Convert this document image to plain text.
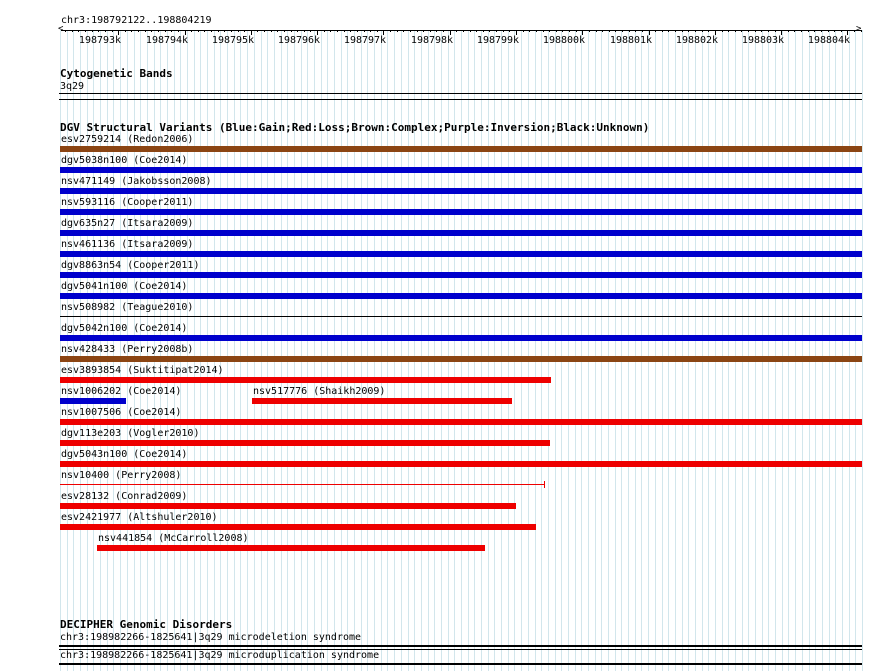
chr3:198792122..198804219
<	>
198793k 198794k 198795k 198796k 198797k 198798k 198799k 198800k 198801k 198802k 198803k 198804k
Cytogenetic Bands
3q29
DGV Structural Variants (Blue:Gain;Red:Loss;Brown:Complex;Purple:Inversion;Black:Unknown)
esv2759214 (Redon2006)
dgv5038n100 (Coe2014)
nsv471149 (Jakobsson2008)
nsv593116 (Cooper2011)
dgv635n27 (Itsara2009)
nsv461136 (Itsara2009)
dgv8863n54 (Cooper2011)
dgv5041n100 (Coe2014)
nsv508982 (Teague2010)
dgv5042n100 (Coe2014)
nsv428433 (Perry2008b)
esv3893854 (Suktitipat2014)
nsv1006202 (Coe2014)	nsv517776 (Shaikh2009)
nsv1007506 (Coe2014)
dgv113e203 (Vogler2010)
dgv5043n100 (Coe2014)
nsv10400 (Perry2008)
esv28132 (Conrad2009)
esv2421977 (Altshuler2010)
nsv441854 (McCarroll2008)
DECIPHER Genomic Disorders
chr3:198982266-1825641|3q29 microdeletion syndrome
chr3:198982266-1825641|3q29 microduplication syndrome
